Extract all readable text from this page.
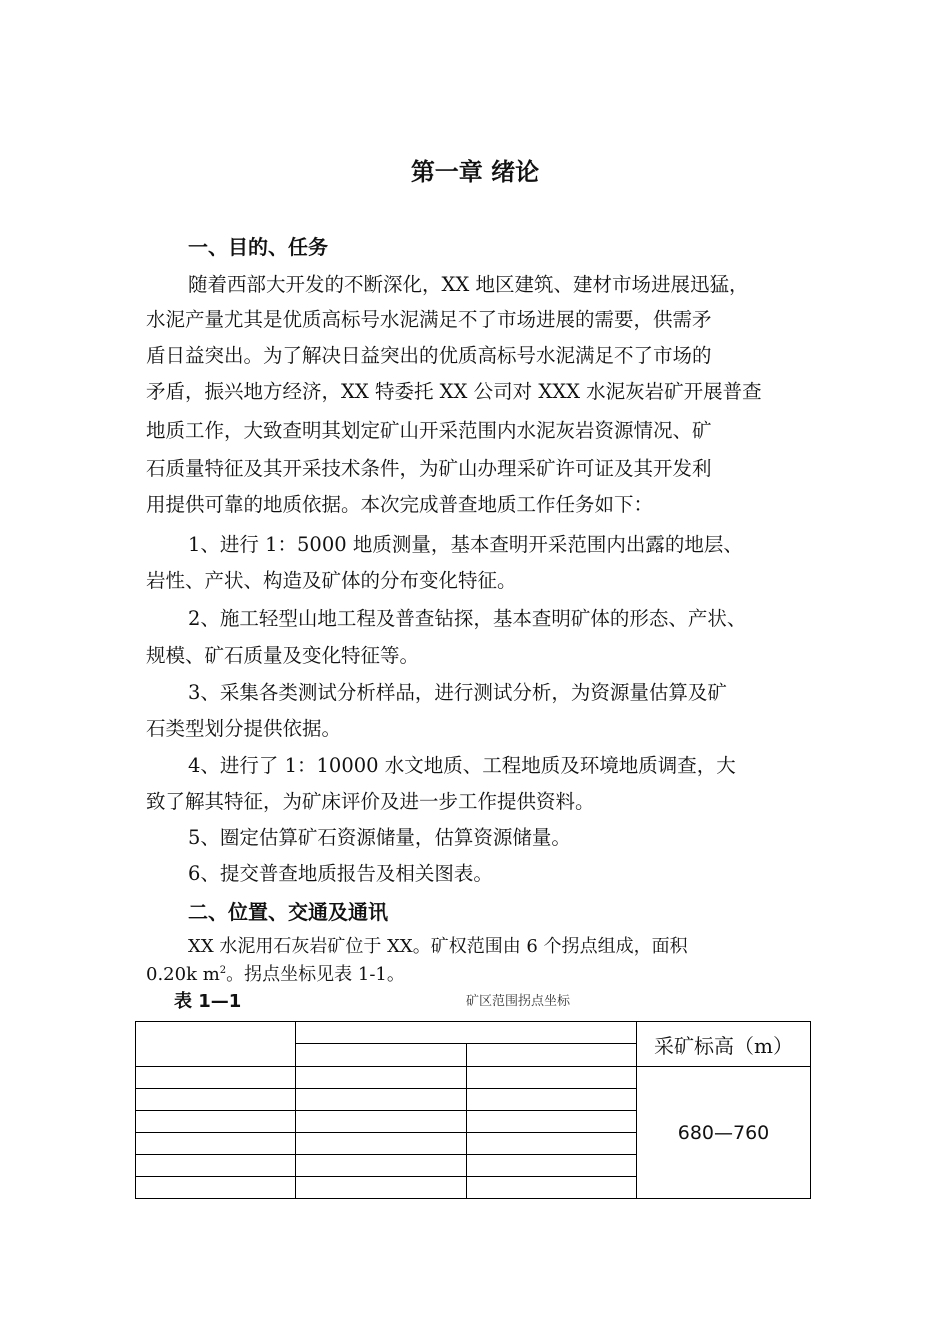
第一章 绪论
一、目的、任务
随着西部大开发的不断深化，XX 地区建筑、建材市场进展迅猛，
水泥产量尤其是优质高标号水泥满足不了市场进展的需要，供需矛
盾日益突出。为了解决日益突出的优质高标号水泥满足不了市场的
矛盾，振兴地方经济，XX 特委托 XX 公司对 XXX 水泥灰岩矿开展普查
地质工作，大致查明其划定矿山开采范围内水泥灰岩资源情况、矿
石质量特征及其开采技术条件，为矿山办理采矿许可证及其开发利
用提供可靠的地质依据。本次完成普查地质工作任务如下：
1、进行 1：5000 地质测量，基本查明开采范围内出露的地层、
岩性、产状、构造及矿体的分布变化特征。
2、施工轻型山地工程及普查钻探，基本查明矿体的形态、产状、
规模、矿石质量及变化特征等。
3、采集各类测试分析样品，进行测试分析，为资源量估算及矿
石类型划分提供依据。
4、进行了 1：10000 水文地质、工程地质及环境地质调查，大
致了解其特征，为矿床评价及进一步工作提供资料。
5、圈定估算矿石资源储量，估算资源储量。
6、提交普查地质报告及相关图表。
二、位置、交通及通讯
XX 水泥用石灰岩矿位于 XX。矿权范围由 6 个拐点组成，面积
0.20k $m^2$。拐点坐标见表 1-1。
表 1—1	矿区范围拐点坐标
			采矿标高（m）

			680—760
